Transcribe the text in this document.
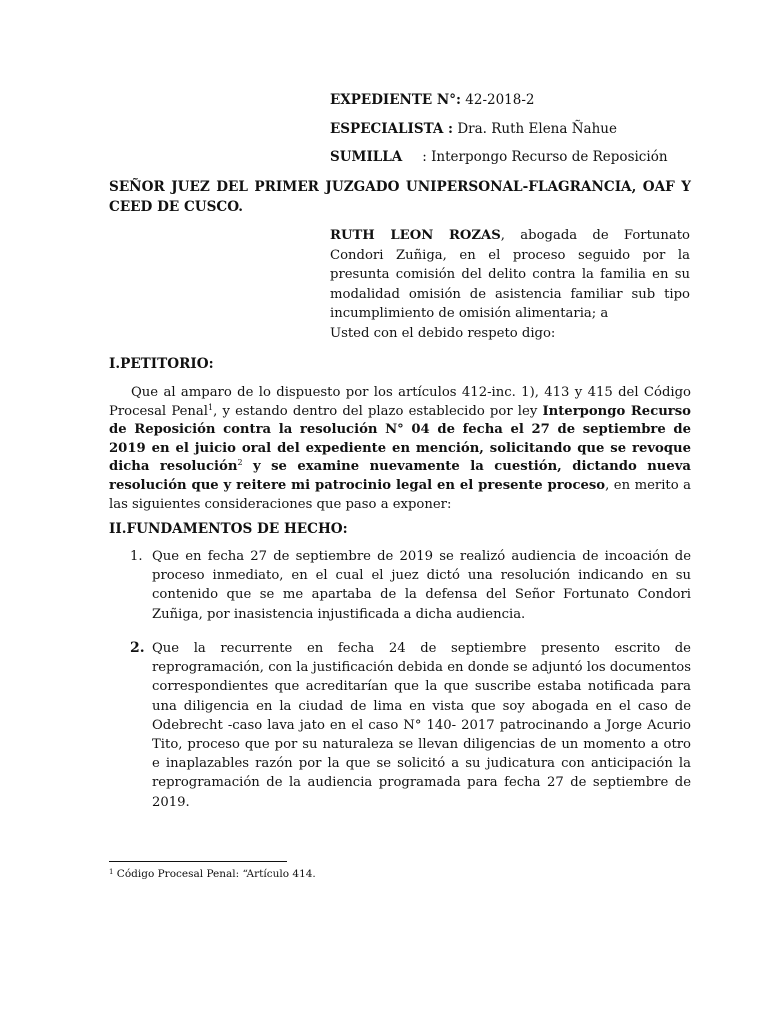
EXPEDIENTE N°: 42-2018-2
ESPECIALISTA : Dra. Ruth Elena Ñahue
SUMILLA : Interpongo Recurso de Reposición
SEÑOR JUEZ DEL PRIMER JUZGADO UNIPERSONAL-FLAGRANCIA, OAF Y CEED DE CUSCO.
RUTH LEON ROZAS, abogada de Fortunato Condori Zuñiga, en el proceso seguido por la presunta comisión del delito contra la familia en su modalidad omisión de asistencia familiar sub tipo incumplimiento de omisión alimentaria; a
Usted con el debido respeto digo:
I.PETITORIO:
Que al amparo de lo dispuesto por los artículos 412-inc. 1), 413 y 415 del Código Procesal Penal$^1$, y estando dentro del plazo establecido por ley Interpongo Recurso de Reposición contra la resolución N° 04 de fecha el 27 de septiembre de 2019 en el juicio oral del expediente en mención, solicitando que se revoque dicha resolución$^2$ y se examine nuevamente la cuestión, dictando nueva resolución que y reitere mi patrocinio legal en el presente proceso, en merito a las siguientes consideraciones que paso a exponer:
II.FUNDAMENTOS DE HECHO:
1. Que en fecha 27 de septiembre de 2019 se realizó audiencia de incoación de proceso inmediato, en el cual el juez dictó una resolución indicando en su contenido que se me apartaba de la defensa del Señor Fortunato Condori Zuñiga, por inasistencia injustificada a dicha audiencia.
2. Que la recurrente en fecha 24 de septiembre presento escrito de reprogramación, con la justificación debida en donde se adjuntó los documentos correspondientes que acreditarían que la que suscribe estaba notificada para una diligencia en la ciudad de lima en vista que soy abogada en el caso de Odebrecht -caso lava jato en el caso N° 140- 2017 patrocinando a Jorge Acurio Tito, proceso que por su naturaleza se llevan diligencias de un momento a otro e inaplazables razón por la que se solicitó a su judicatura con anticipación la reprogramación de la audiencia programada para fecha 27 de septiembre de 2019.
$^1$ Código Procesal Penal: “Artículo 414.
